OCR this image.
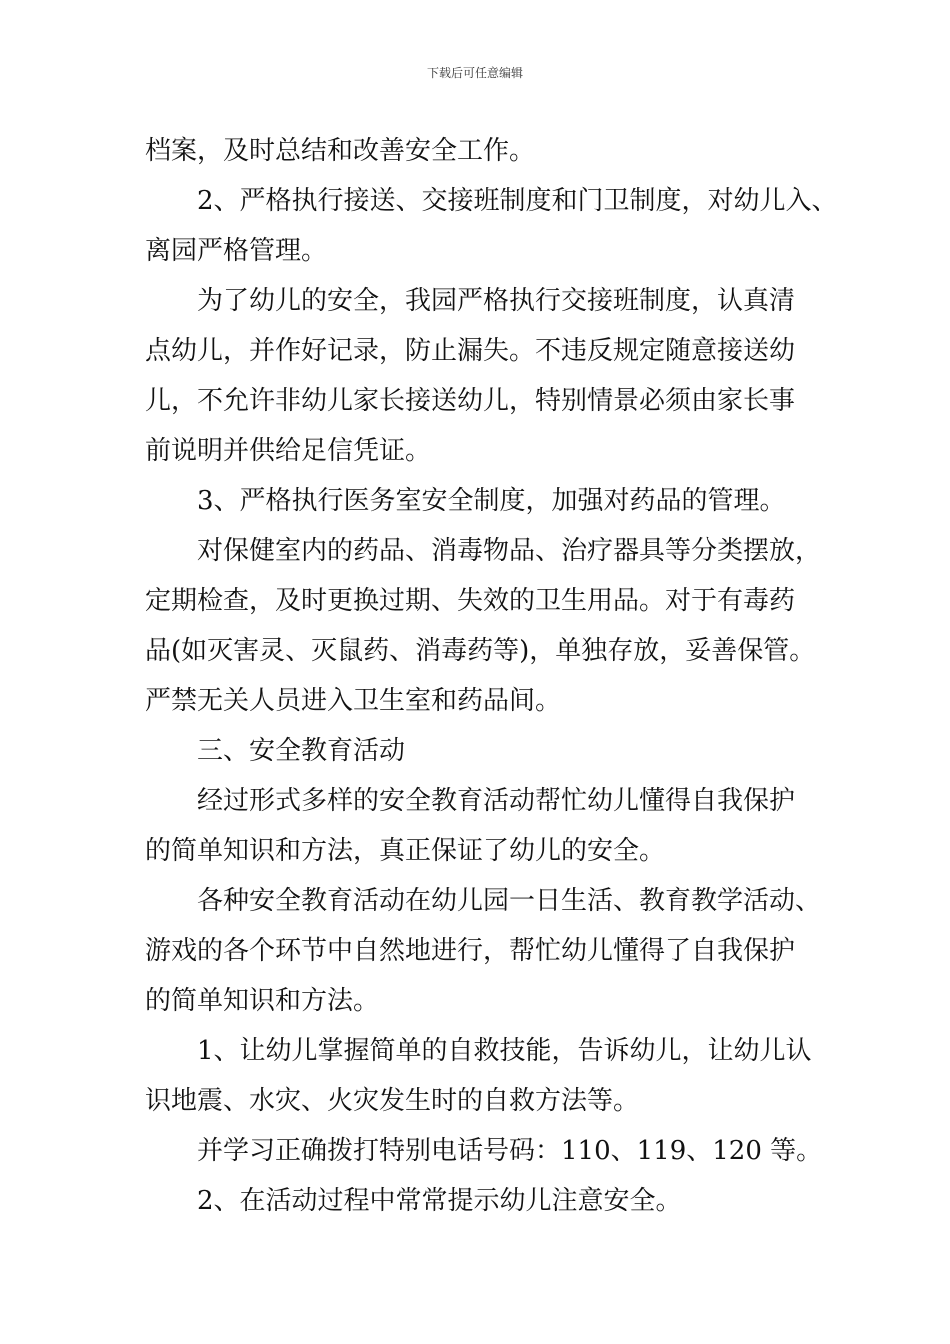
下载后可任意编辑
档案，及时总结和改善安全工作。
2、严格执行接送、交接班制度和门卫制度，对幼儿入、
离园严格管理。
为了幼儿的安全，我园严格执行交接班制度，认真清
点幼儿，并作好记录，防止漏失。不违反规定随意接送幼
儿，不允许非幼儿家长接送幼儿，特别情景必须由家长事
前说明并供给足信凭证。
3、严格执行医务室安全制度，加强对药品的管理。
对保健室内的药品、消毒物品、治疗器具等分类摆放，
定期检查，及时更换过期、失效的卫生用品。对于有毒药
品(如灭害灵、灭鼠药、消毒药等)，单独存放，妥善保管。
严禁无关人员进入卫生室和药品间。
三、安全教育活动
经过形式多样的安全教育活动帮忙幼儿懂得自我保护
的简单知识和方法，真正保证了幼儿的安全。
各种安全教育活动在幼儿园一日生活、教育教学活动、
游戏的各个环节中自然地进行，帮忙幼儿懂得了自我保护
的简单知识和方法。
1、让幼儿掌握简单的自救技能，告诉幼儿，让幼儿认
识地震、水灾、火灾发生时的自救方法等。
并学习正确拨打特别电话号码：110、119、120 等。
2、在活动过程中常常提示幼儿注意安全。
